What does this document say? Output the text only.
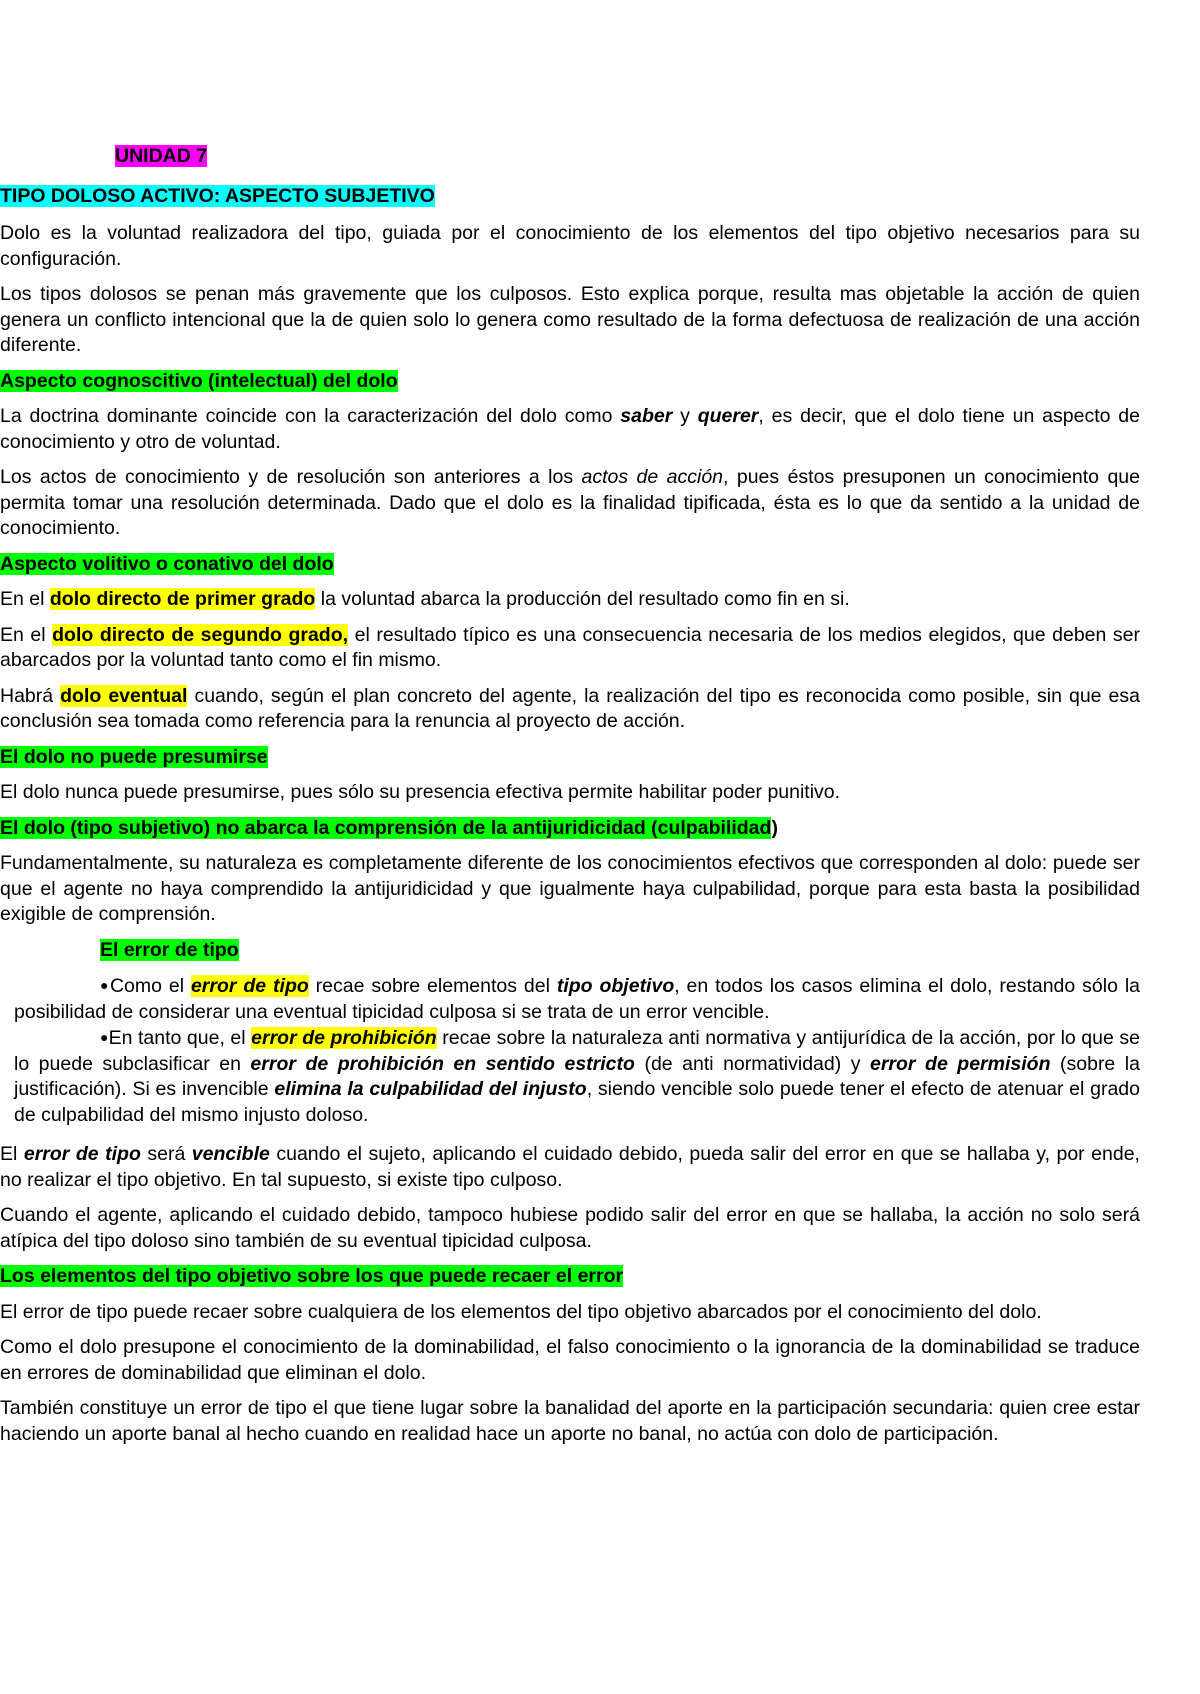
UNIDAD 7

TIPO DOLOSO ACTIVO: ASPECTO SUBJETIVO

Dolo es la voluntad realizadora del tipo, guiada por el conocimiento de los elementos del tipo objetivo necesarios para su configuración.

Los tipos dolosos se penan más gravemente que los culposos. Esto explica porque, resulta mas objetable la acción de quien genera un conflicto intencional que la de quien solo lo genera como resultado de la forma defectuosa de realización de una acción diferente.

Aspecto cognoscitivo (intelectual) del dolo

La doctrina dominante coincide con la caracterización del dolo como saber y querer, es decir, que el dolo tiene un aspecto de conocimiento y otro de voluntad.

Los actos de conocimiento y de resolución son anteriores a los actos de acción, pues éstos presuponen un conocimiento que permita tomar una resolución determinada. Dado que el dolo es la finalidad tipificada, ésta es lo que da sentido a la unidad de conocimiento.

Aspecto volitivo o conativo del dolo

En el dolo directo de primer grado la voluntad abarca la producción del resultado como fin en si.

En el dolo directo de segundo grado, el resultado típico es una consecuencia necesaria de los medios elegidos, que deben ser abarcados por la voluntad tanto como el fin mismo.

Habrá dolo eventual cuando, según el plan concreto del agente, la realización del tipo es reconocida como posible, sin que esa conclusión sea tomada como referencia para la renuncia al proyecto de acción.

El dolo no puede presumirse

El dolo nunca puede presumirse, pues sólo su presencia efectiva permite habilitar poder punitivo.

El dolo (tipo subjetivo) no abarca la comprensión de la antijuridicidad (culpabilidad)

Fundamentalmente, su naturaleza es completamente diferente de los conocimientos efectivos que corresponden al dolo: puede ser que el agente no haya comprendido la antijuridicidad y que igualmente haya culpabilidad, porque para esta basta la posibilidad exigible de comprensión.

El error de tipo

●Como el error de tipo recae sobre elementos del tipo objetivo, en todos los casos elimina el dolo, restando sólo la posibilidad de considerar una eventual tipicidad culposa si se trata de un error vencible.

●En tanto que, el error de prohibición recae sobre la naturaleza anti normativa y antijurídica de la acción, por lo que se lo puede subclasificar en error de prohibición en sentido estricto (de anti normatividad) y error de permisión (sobre la justificación). Si es invencible elimina la culpabilidad del injusto, siendo vencible solo puede tener el efecto de atenuar el grado de culpabilidad del mismo injusto doloso.

El error de tipo será vencible cuando el sujeto, aplicando el cuidado debido, pueda salir del error en que se hallaba y, por ende, no realizar el tipo objetivo. En tal supuesto, si existe tipo culposo.

Cuando el agente, aplicando el cuidado debido, tampoco hubiese podido salir del error en que se hallaba, la acción no solo será atípica del tipo doloso sino también de su eventual tipicidad culposa.

Los elementos del tipo objetivo sobre los que puede recaer el error

El error de tipo puede recaer sobre cualquiera de los elementos del tipo objetivo abarcados por el conocimiento del dolo.

Como el dolo presupone el conocimiento de la dominabilidad, el falso conocimiento o la ignorancia de la dominabilidad se traduce en errores de dominabilidad que eliminan el dolo.

También constituye un error de tipo el que tiene lugar sobre la banalidad del aporte en la participación secundaria: quien cree estar haciendo un aporte banal al hecho cuando en realidad hace un aporte no banal, no actúa con dolo de participación.
